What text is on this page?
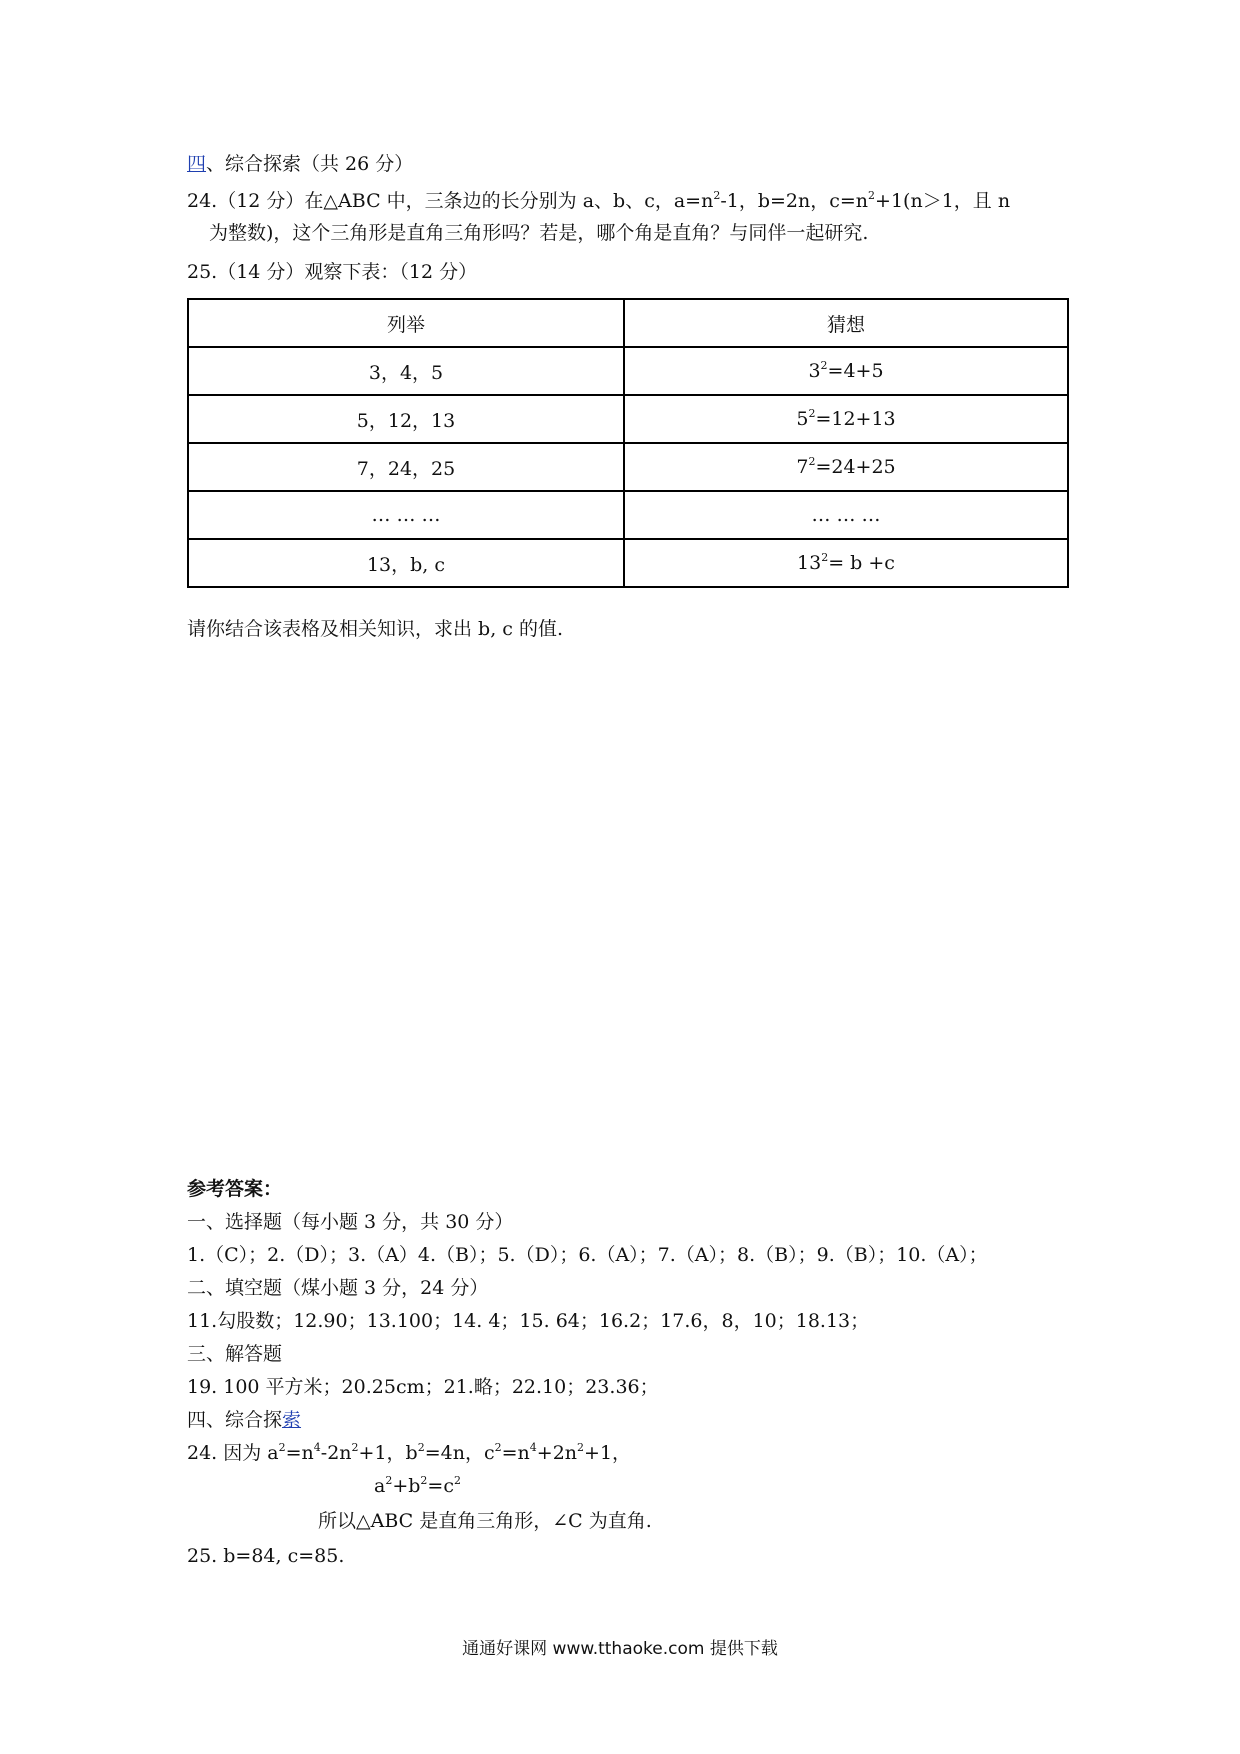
四、综合探索（共 26 分）
24.（12 分）在△ABC 中，三条边的长分别为 a、b、c，$a=n^2-1$，b=2n，$c=n^2+1(n>1$，且 n
为整数)，这个三角形是直角三角形吗？若是，哪个角是直角？与同伴一起研究.
25.（14 分）观察下表：（12 分）
列举	猜想
3，4，5	$3^2=4+5$
5，12，13	$5^2=12+13$
7，24，25	$7^2=24+25$
… … …	… … …
13，b, c	$13^2= b +c$
请你结合该表格及相关知识，求出 b, c 的值.
参考答案：
一、选择题（每小题 3 分，共 30 分）
1.（C）；2.（D）；3.（A）4.（B）；5.（D）；6.（A）；7.（A）；8.（B）；9.（B）；10.（A）；
二、填空题（煤小题 3 分，24 分）
11.勾股数；12.90；13.100；14. 4；15. 64；16.2；17.6，8，10；18.13；
三、解答题
19. 100 平方米；20.25cm；21.略；22.10；23.36；
四、综合探索
24. 因为 $a^2=n^4-2n^2+1$，$b^2=4n$，$c^2=n^4+2n^2+1$，
$a^2+b^2=c^2$
所以△ABC 是直角三角形，∠C 为直角.
25. b=84, c=85.
通通好课网 www.tthaoke.com 提供下载
